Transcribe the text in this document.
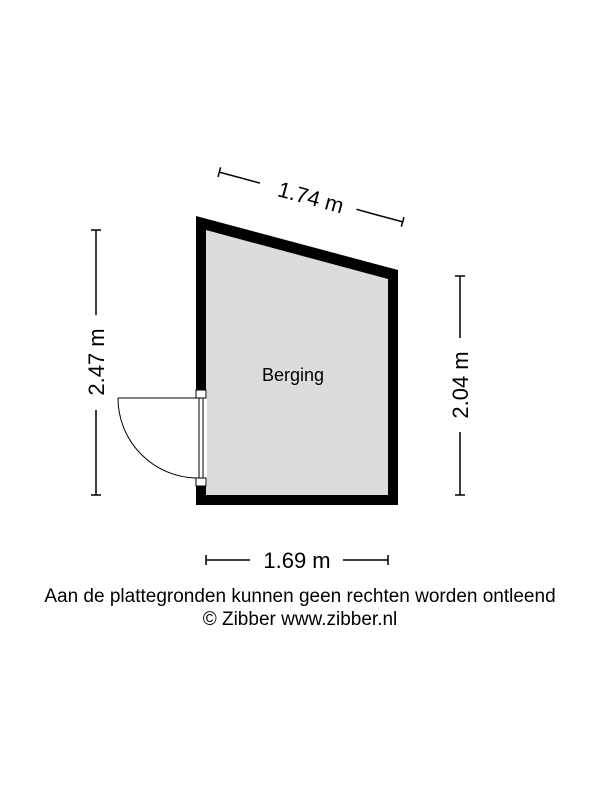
Berging
1.74 m
2.47 m	2.04 m
1.69 m
Aan de plattegronden kunnen geen rechten worden ontleend
© Zibber www.zibber.nl
